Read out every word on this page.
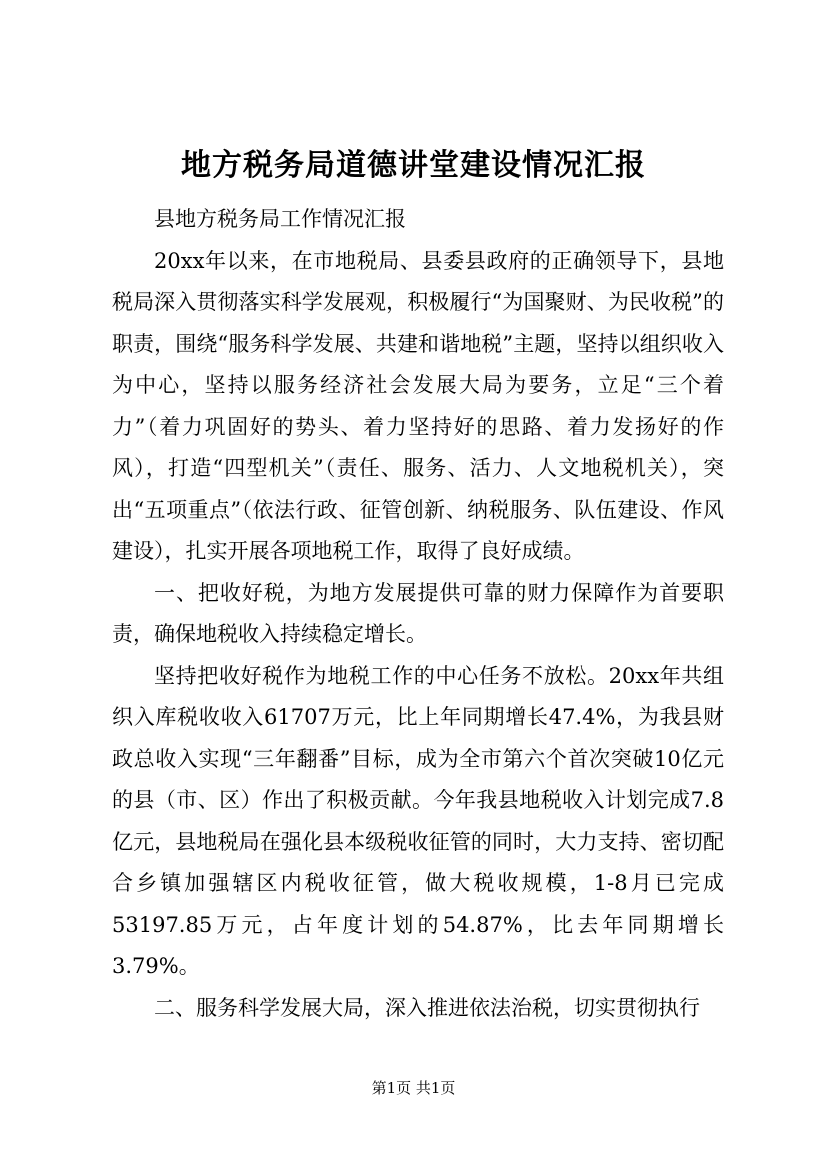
地方税务局道德讲堂建设情况汇报

县地方税务局工作情况汇报

20xx年以来，在市地税局、县委县政府的正确领导下，县地税局深入贯彻落实科学发展观，积极履行“为国聚财、为民收税”的职责，围绕“服务科学发展、共建和谐地税”主题，坚持以组织收入为中心，坚持以服务经济社会发展大局为要务，立足“三个着力”（着力巩固好的势头、着力坚持好的思路、着力发扬好的作风），打造“四型机关”（责任、服务、活力、人文地税机关），突出“五项重点”（依法行政、征管创新、纳税服务、队伍建设、作风建设），扎实开展各项地税工作，取得了良好成绩。

一、把收好税，为地方发展提供可靠的财力保障作为首要职责，确保地税收入持续稳定增长。

坚持把收好税作为地税工作的中心任务不放松。20xx年共组织入库税收收入61707万元，比上年同期增长47.4%，为我县财政总收入实现“三年翻番”目标，成为全市第六个首次突破10亿元的县（市、区）作出了积极贡献。今年我县地税收入计划完成7.8亿元，县地税局在强化县本级税收征管的同时，大力支持、密切配合乡镇加强辖区内税收征管，做大税收规模，1-8月已完成53197.85万元，占年度计划的54.87%，比去年同期增长3.79%。

二、服务科学发展大局，深入推进依法治税，切实贯彻执行

第1页 共1页
